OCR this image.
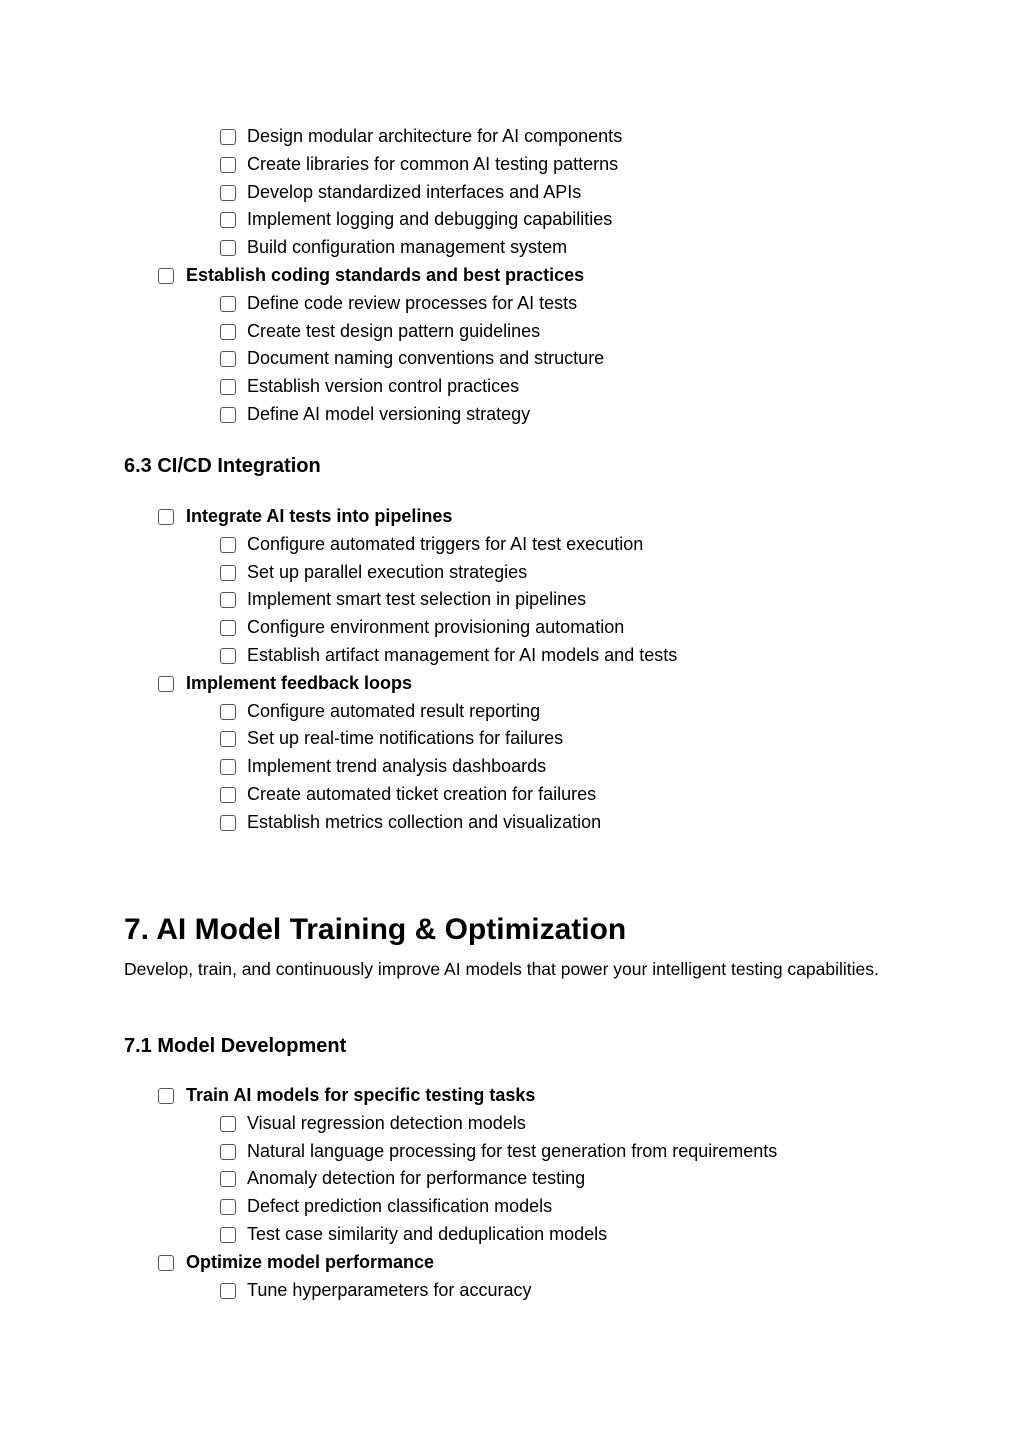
Design modular architecture for AI components
Create libraries for common AI testing patterns
Develop standardized interfaces and APIs
Implement logging and debugging capabilities
Build configuration management system
Establish coding standards and best practices
Define code review processes for AI tests
Create test design pattern guidelines
Document naming conventions and structure
Establish version control practices
Define AI model versioning strategy
6.3 CI/CD Integration
Integrate AI tests into pipelines
Configure automated triggers for AI test execution
Set up parallel execution strategies
Implement smart test selection in pipelines
Configure environment provisioning automation
Establish artifact management for AI models and tests
Implement feedback loops
Configure automated result reporting
Set up real-time notifications for failures
Implement trend analysis dashboards
Create automated ticket creation for failures
Establish metrics collection and visualization
7. AI Model Training & Optimization
Develop, train, and continuously improve AI models that power your intelligent testing capabilities.
7.1 Model Development
Train AI models for specific testing tasks
Visual regression detection models
Natural language processing for test generation from requirements
Anomaly detection for performance testing
Defect prediction classification models
Test case similarity and deduplication models
Optimize model performance
Tune hyperparameters for accuracy
